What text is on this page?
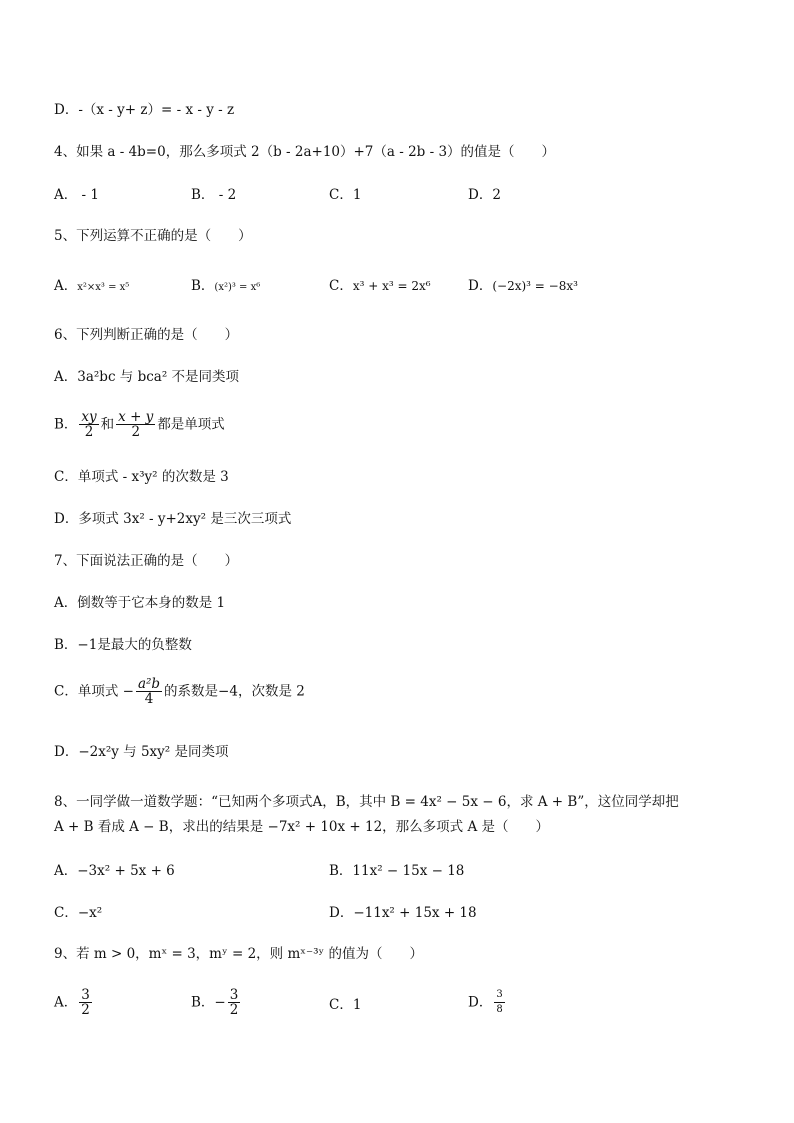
D．-（x - y+ z）= - x - y - z
4、如果 a - 4b=0，那么多项式 2（b - 2a+10）+7（a - 2b - 3）的值是（　　）
A． - 1	B． - 2	C．1	D．2
5、下列运算不正确的是（　　）
A．x²×x³ = x⁵	B．(x²)³ = x⁶	C．x³ + x³ = 2x⁶	D．(−2x)³ = −8x³
6、下列判断正确的是（　　）
A．3a²bc 与 bca² 不是同类项
B． $\frac{xy}{2}$ 和 $\frac{x + y}{2}$ 都是单项式
C．单项式 - x³y² 的次数是 3
D．多项式 3x² - y+2xy² 是三次三项式
7、下面说法正确的是（　　）
A．倒数等于它本身的数是 1
B．−1是最大的负整数
C．单项式 − $\frac{\text{a²b}}{4}$ 的系数是−4，次数是 2
D．−2x²y 与 5xy² 是同类项
8、一同学做一道数学题：“已知两个多项式A，B，其中 B = 4x² − 5x − 6，求 A + B”，这位同学却把
A + B 看成 A − B，求出的结果是 −7x² + 10x + 12，那么多项式 A 是（　　）
A．−3x² + 5x + 6	B．11x² − 15x − 18
C．−x²	D．−11x² + 15x + 18
9、若 m > 0，mˣ = 3，mʸ = 2，则 mˣ⁻³ʸ 的值为（　　）
A． $\frac{3}{2}$	B．− $\frac{3}{2}$	C．1	D． $\frac{3}{8}$
